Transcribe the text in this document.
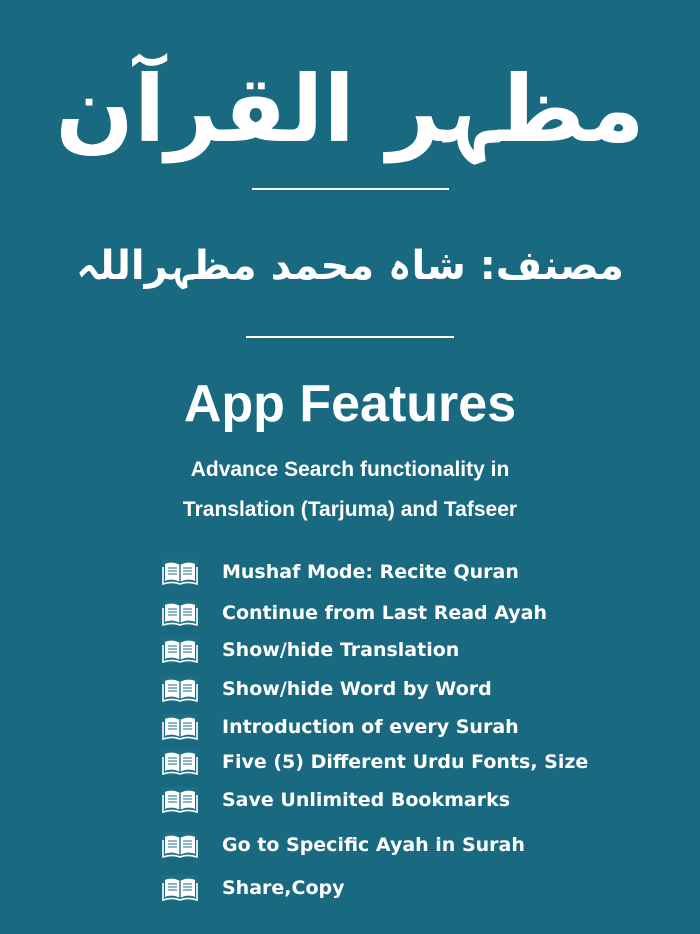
مظہر القرآن
مصنف: شاہ محمد مظہراللہ
App Features
Advance Search functionality in
Translation (Tarjuma) and Tafseer
Mushaf Mode: Recite Quran
Continue from Last Read Ayah
Show/hide Translation
Show/hide Word by Word
Introduction of every Surah
Five (5) Different Urdu Fonts, Size
Save Unlimited Bookmarks
Go to Specific Ayah in Surah
Share,Copy
